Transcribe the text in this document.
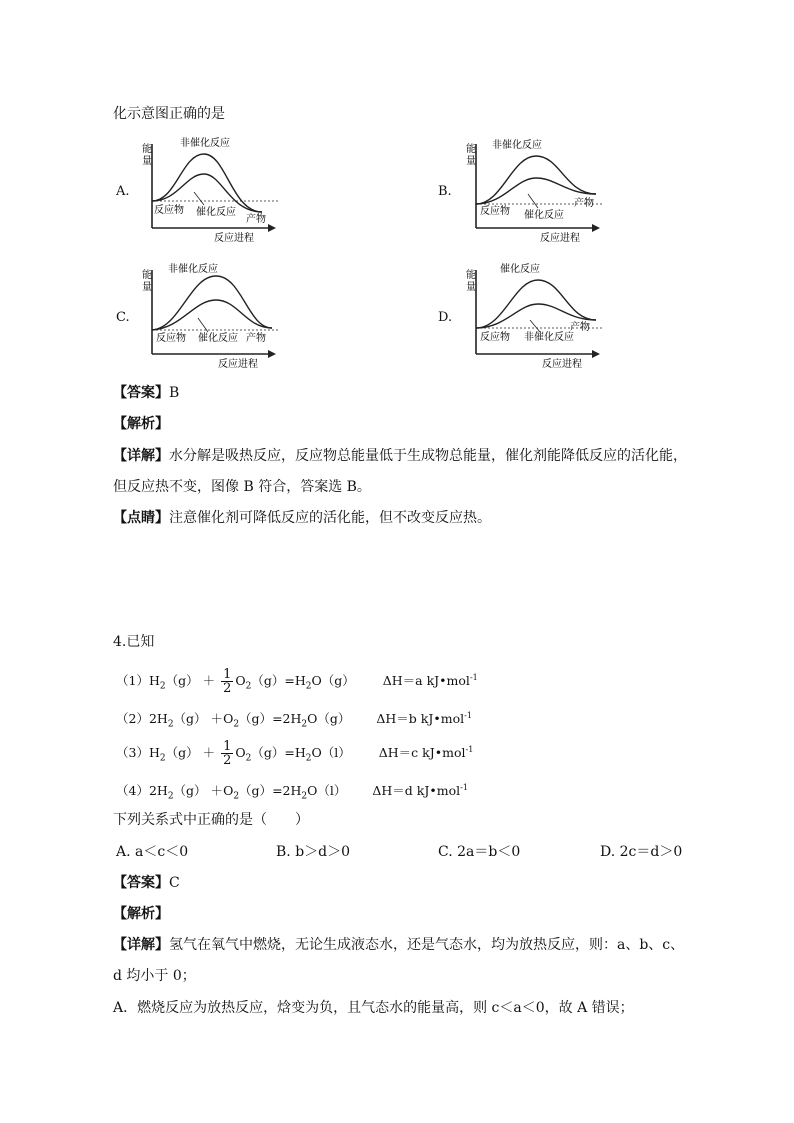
化示意图正确的是
A.
能
量
非催化反应
反应物 催化反应
产物
反应进程
B.
能
量
非催化反应
反应物 催化反应
产物
反应进程
C.
能
量
非催化反应
反应物 催化反应 产物
反应进程
D.
能
量
催化反应
反应物 非催化反应
产物
反应进程
【答案】B
【解析】
【详解】水分解是吸热反应，反应物总能量低于生成物总能量，催化剂能降低反应的活化能，
但反应热不变，图像 B 符合，答案选 B。
【点睛】注意催化剂可降低反应的活化能，但不改变反应热。
4.已知
$(1)H_2(g) + \frac{1}{2} O_2(g)=H_2O(g)$ ΔH＝a kJ•mol$^{-1}$
$(2)2H_2(g) +O_2(g)=2H_2O(g)$ ΔH＝b kJ•mol$^{-1}$
$(3)H_2(g) + \frac{1}{2} O_2(g)=H_2O(l)$ ΔH＝c kJ•mol$^{-1}$
$(4)2H_2(g) +O_2(g)=2H_2O(l)$ ΔH＝d kJ•mol$^{-1}$
下列关系式中正确的是（　　）
A. a＜c＜0	B. b＞d＞0	C. 2a＝b＜0	D. 2c＝d＞0
【答案】C
【解析】
【详解】氢气在氧气中燃烧，无论生成液态水，还是气态水，均为放热反应，则：a、b、c、
d 均小于 0；
A．燃烧反应为放热反应，焓变为负，且气态水的能量高，则 c＜a＜0，故 A 错误；
